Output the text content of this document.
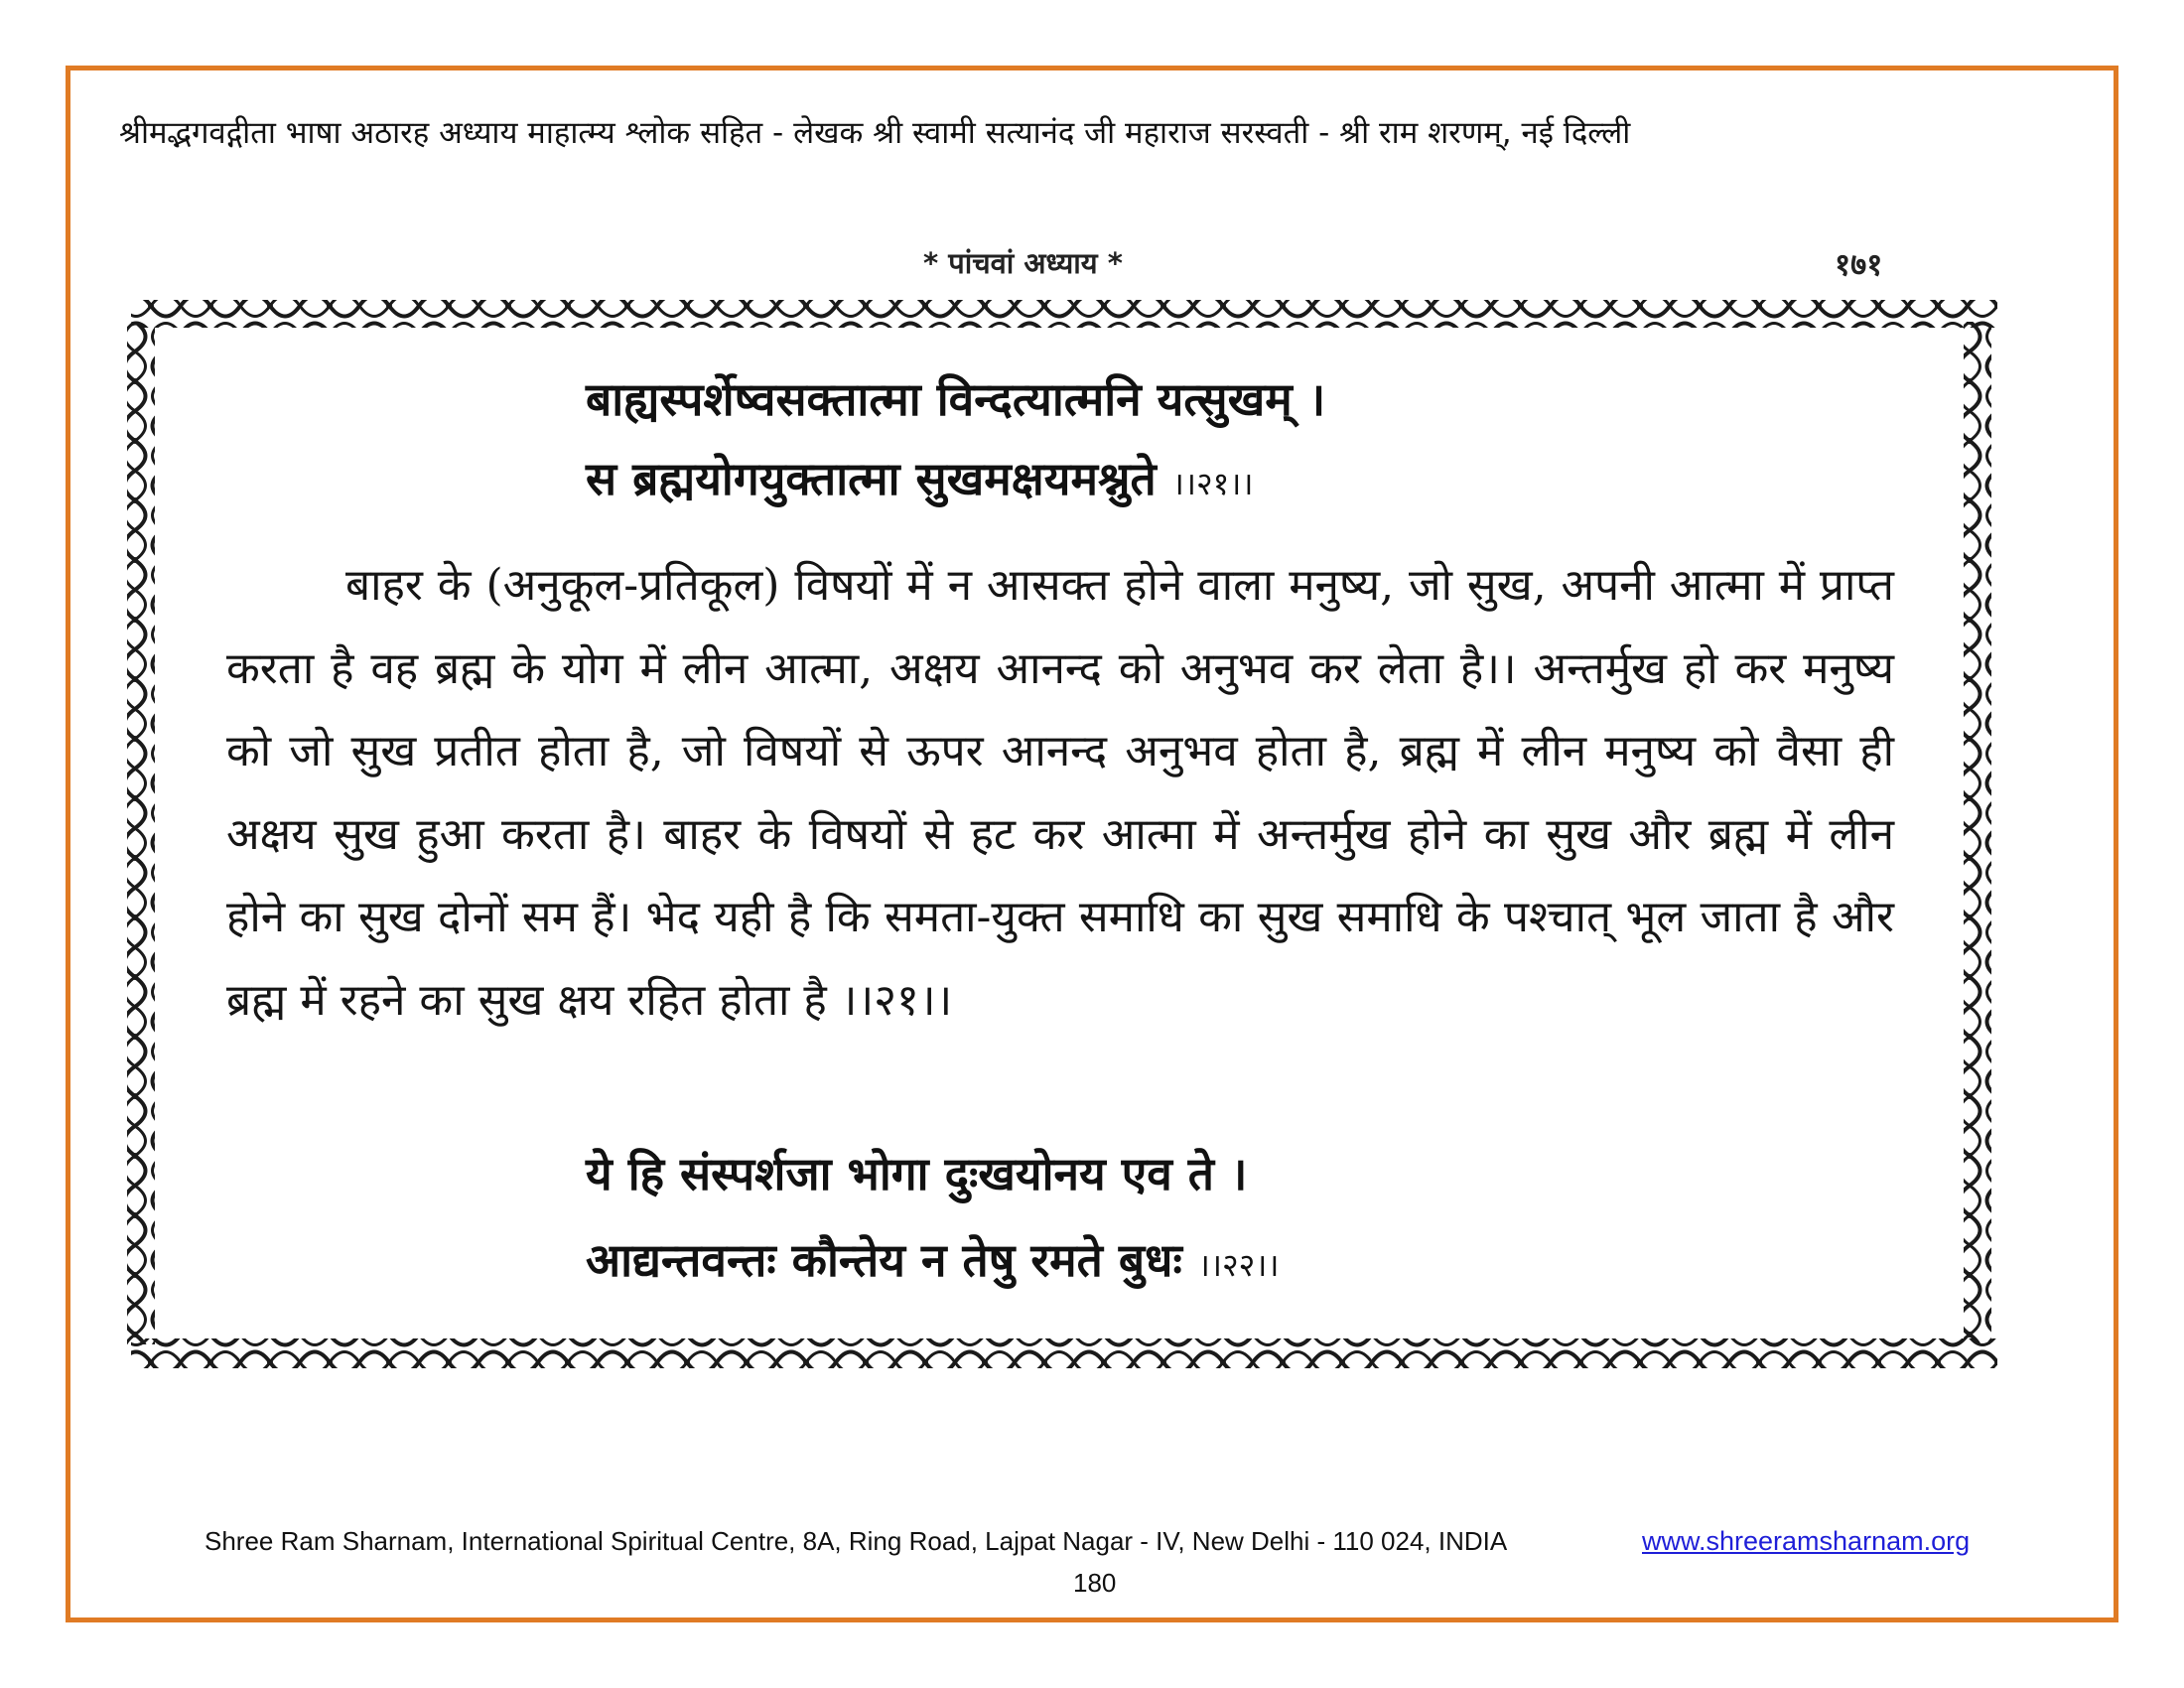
श्रीमद्भगवद्गीता भाषा अठारह अध्याय माहात्म्य श्लोक सहित - लेखक श्री स्वामी सत्यानंद जी महाराज सरस्वती - श्री राम शरणम्, नई दिल्ली
* पांचवां अध्याय *	१७१
बाह्यस्पर्शेष्वसक्तात्मा विन्दत्यात्मनि यत्सुखम् ।
स ब्रह्मयोगयुक्तात्मा सुखमक्षयमश्नुते ।।२१।।
बाहर के (अनुकूल-प्रतिकूल) विषयों में न आसक्त होने वाला मनुष्य, जो सुख, अपनी आत्मा में प्राप्त करता है वह ब्रह्म के योग में लीन आत्मा, अक्षय आनन्द को अनुभव कर लेता है।। अन्तर्मुख हो कर मनुष्य को जो सुख प्रतीत होता है, जो विषयों से ऊपर आनन्द अनुभव होता है, ब्रह्म में लीन मनुष्य को वैसा ही अक्षय सुख हुआ करता है। बाहर के विषयों से हट कर आत्मा में अन्तर्मुख होने का सुख और ब्रह्म में लीन होने का सुख दोनों सम हैं। भेद यही है कि समता-युक्त समाधि का सुख समाधि के पश्चात् भूल जाता है और ब्रह्म में रहने का सुख क्षय रहित होता है ।।२१।।
ये हि संस्पर्शजा भोगा दुःखयोनय एव ते ।
आद्यन्तवन्तः कौन्तेय न तेषु रमते बुधः ।।२२।।
Shree Ram Sharnam, International Spiritual Centre, 8A, Ring Road, Lajpat Nagar - IV, New Delhi - 110 024, INDIA	www.shreeramsharnam.org
180
